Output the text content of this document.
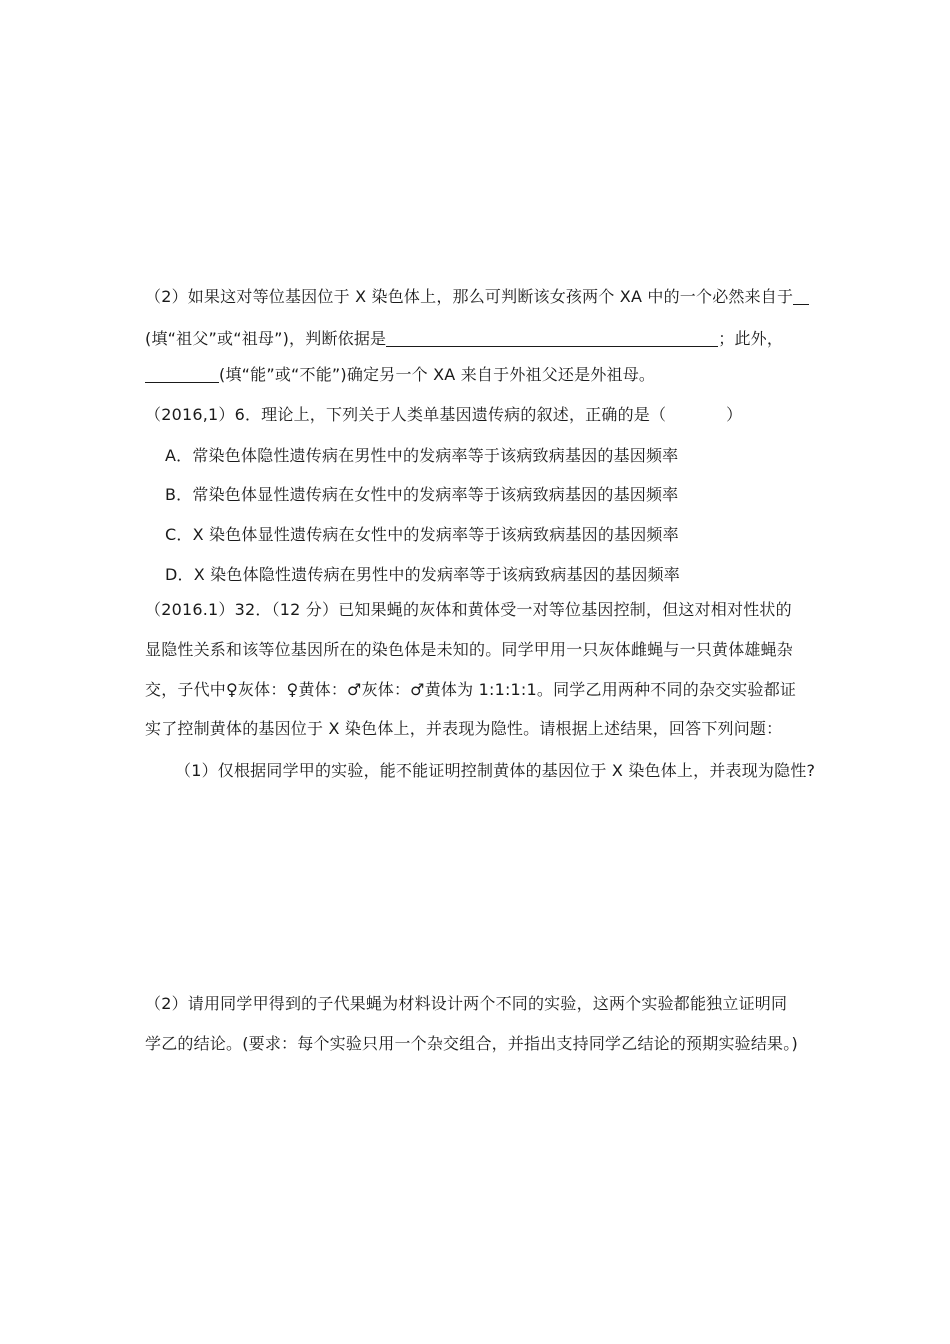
（2）如果这对等位基因位于 X 染色体上，那么可判断该女孩两个 XA 中的一个必然来自于
(填“祖父”或“祖母”)，判断依据是	；此外，
(填“能”或“不能”)确定另一个 XA 来自于外祖父还是外祖母。
（2016,1）6．理论上，下列关于人类单基因遗传病的叙述，正确的是（	）
A．常染色体隐性遗传病在男性中的发病率等于该病致病基因的基因频率
B．常染色体显性遗传病在女性中的发病率等于该病致病基因的基因频率
C．X 染色体显性遗传病在女性中的发病率等于该病致病基因的基因频率
D．X 染色体隐性遗传病在男性中的发病率等于该病致病基因的基因频率
（2016.1）32．（12 分）已知果蝇的灰体和黄体受一对等位基因控制，但这对相对性状的
显隐性关系和该等位基因所在的染色体是未知的。同学甲用一只灰体雌蝇与一只黄体雄蝇杂
交，子代中♀灰体：♀黄体：♂灰体：♂黄体为 1:1:1:1。同学乙用两种不同的杂交实验都证
实了控制黄体的基因位于 X 染色体上，并表现为隐性。请根据上述结果，回答下列问题：
（1）仅根据同学甲的实验，能不能证明控制黄体的基因位于 X 染色体上，并表现为隐性?
（2）请用同学甲得到的子代果蝇为材料设计两个不同的实验，这两个实验都能独立证明同
学乙的结论。(要求：每个实验只用一个杂交组合，并指出支持同学乙结论的预期实验结果。)
